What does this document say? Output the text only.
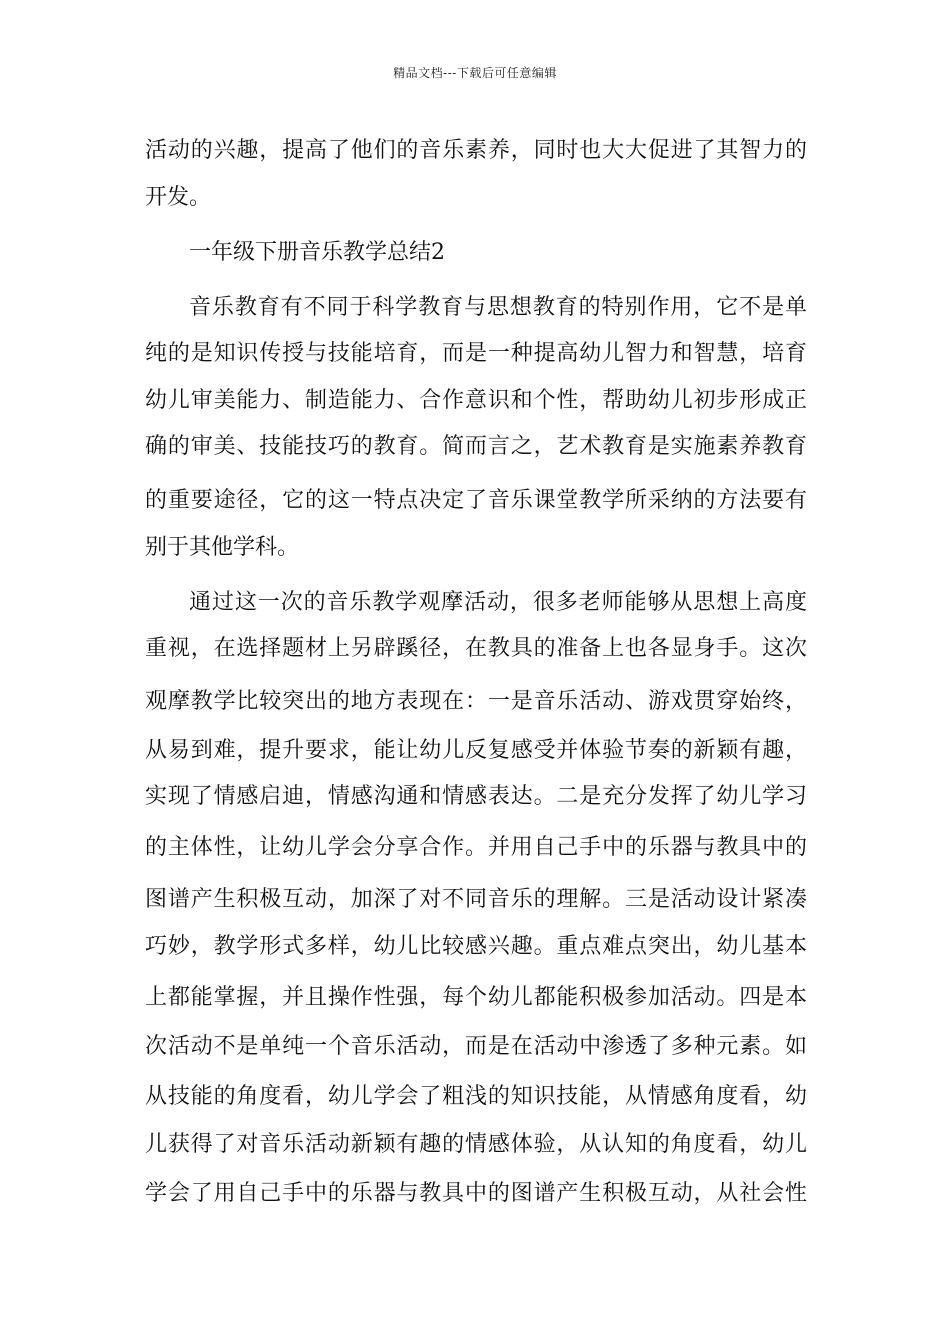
精品文档---下载后可任意编辑
活动的兴趣，提高了他们的音乐素养，同时也大大促进了其智力的
开发。
一年级下册音乐教学总结2
音乐教育有不同于科学教育与思想教育的特别作用，它不是单
纯的是知识传授与技能培育，而是一种提高幼儿智力和智慧，培育
幼儿审美能力、制造能力、合作意识和个性，帮助幼儿初步形成正
确的审美、技能技巧的教育。简而言之，艺术教育是实施素养教育
的重要途径，它的这一特点决定了音乐课堂教学所采纳的方法要有
别于其他学科。
通过这一次的音乐教学观摩活动，很多老师能够从思想上高度
重视，在选择题材上另辟蹊径，在教具的准备上也各显身手。这次
观摩教学比较突出的地方表现在：一是音乐活动、游戏贯穿始终，
从易到难，提升要求，能让幼儿反复感受并体验节奏的新颖有趣，
实现了情感启迪，情感沟通和情感表达。二是充分发挥了幼儿学习
的主体性，让幼儿学会分享合作。并用自己手中的乐器与教具中的
图谱产生积极互动，加深了对不同音乐的理解。三是活动设计紧凑
巧妙，教学形式多样，幼儿比较感兴趣。重点难点突出，幼儿基本
上都能掌握，并且操作性强，每个幼儿都能积极参加活动。四是本
次活动不是单纯一个音乐活动，而是在活动中渗透了多种元素。如
从技能的角度看，幼儿学会了粗浅的知识技能，从情感角度看，幼
儿获得了对音乐活动新颖有趣的情感体验，从认知的角度看，幼儿
学会了用自己手中的乐器与教具中的图谱产生积极互动，从社会性
